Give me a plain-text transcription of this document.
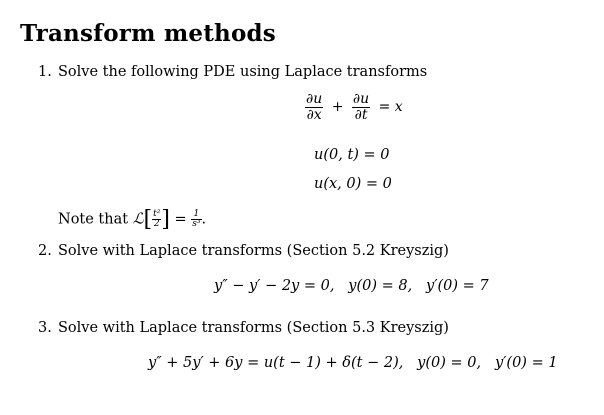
Transform methods
1. Solve the following PDE using Laplace transforms
$\frac{\partial u}{\partial x} + \frac{\partial u}{\partial t} = x$
u(0, t) = 0
u(x, 0) = 0
Note that ℒ[ $\frac{\text{t²}}{2}$ ] = $\frac{1}{\text{s³}}$ .
2. Solve with Laplace transforms (Section 5.2 Kreyszig)
y″ − y′ − 2y = 0,   y(0) = 8,   y′(0) = 7
3. Solve with Laplace transforms (Section 5.3 Kreyszig)
y″ + 5y′ + 6y = u(t − 1) + δ(t − 2),   y(0) = 0,   y′(0) = 1
